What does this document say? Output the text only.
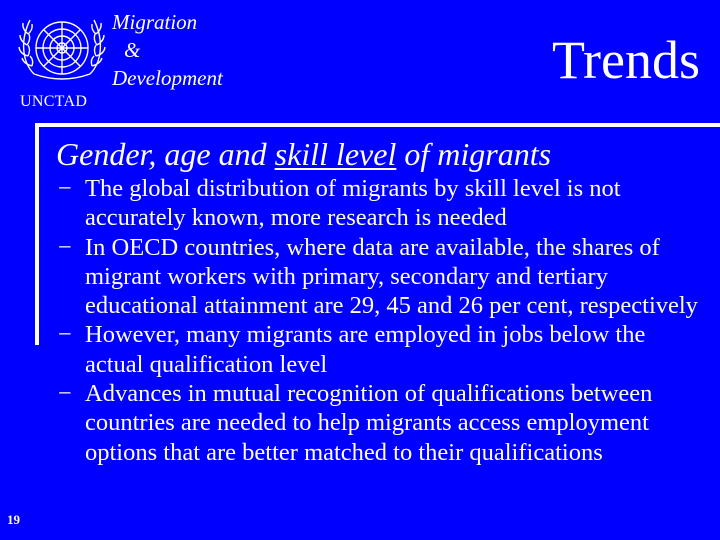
UNCTAD
Migration
&
Development	Trends
Gender, age and skill level of migrants
− The global distribution of migrants by skill level is not accurately known, more research is needed
− In OECD countries, where data are available, the shares of migrant workers with primary, secondary and tertiary educational attainment are 29, 45 and 26 per cent, respectively
− However, many migrants are employed in jobs below the actual qualification level
− Advances in mutual recognition of qualifications between countries are needed to help migrants access employment options that are better matched to their qualifications
19
